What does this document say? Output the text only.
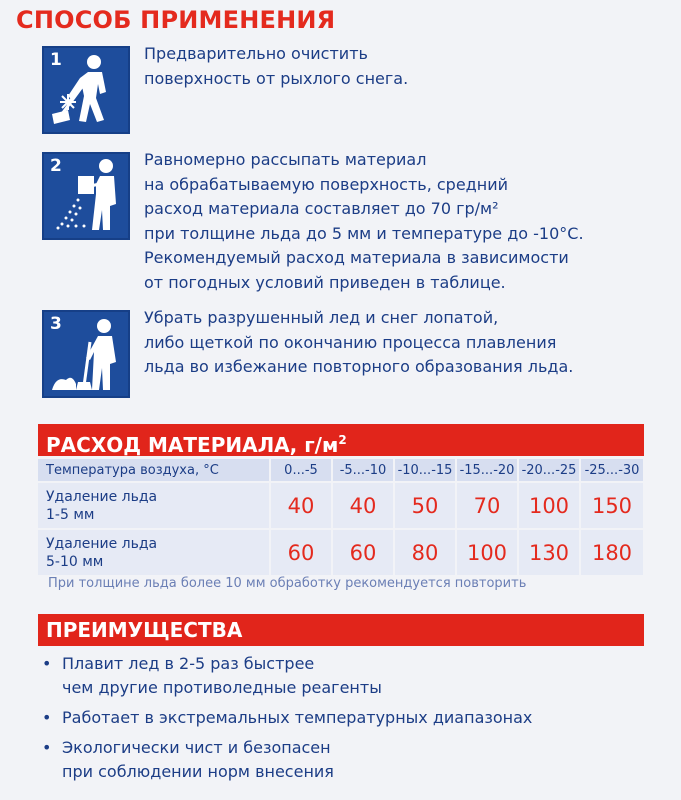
СПОСОБ ПРИМЕНЕНИЯ
1	Предварительно очистить
поверхность от рыхлого снега.
2	Равномерно рассыпать материал
на обрабатываемую поверхность, средний
расход материала составляет до 70 гр/м²
при толщине льда до 5 мм и температуре до -10°С.
Рекомендуемый расход материала в зависимости
от погодных условий приведен в таблице.
3	Убрать разрушенный лед и снег лопатой,
либо щеткой по окончанию процесса плавления
льда во избежание повторного образования льда.
РАСХОД МАТЕРИАЛА, $г/м^2$
Температура воздуха, °С	0...-5	-5...-10	-10...-15	-15...-20	-20...-25	-25...-30

Удаление льда
1-5 мм	40	40	50	70	100	150

Удаление льда
5-10 мм	60	60	80	100	130	180
При толщине льда более 10 мм обработку рекомендуется повторить
ПРЕИМУЩЕСТВА
• Плавит лед в 2-5 раз быстрее
чем другие противоледные реагенты
• Работает в экстремальных температурных диапазонах
• Экологически чист и безопасен
при соблюдении норм внесения
